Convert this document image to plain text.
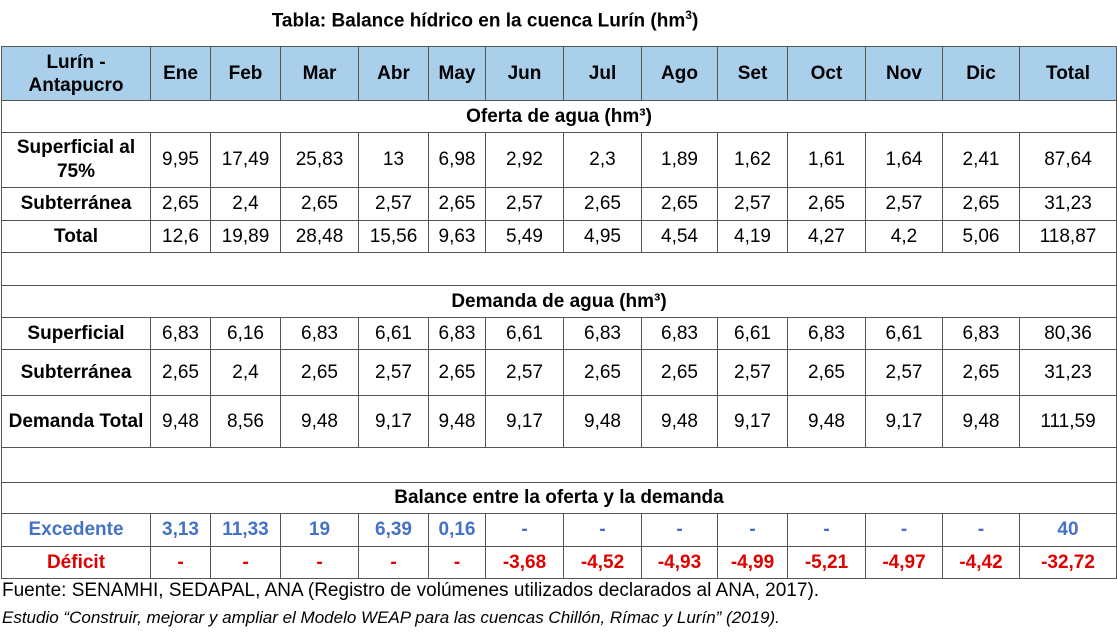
Tabla: Balance hídrico en la cuenca Lurín $(hm^3)$
Lurín - Antapucro	Ene	Feb	Mar	Abr	May	Jun	Jul	Ago	Set	Oct	Nov	Dic	Total
Oferta de agua (hm³)													
Superficial al 75%	9,95	17,49	25,83	13	6,98	2,92	2,3	1,89	1,62	1,61	1,64	2,41	87,64
Subterránea	2,65	2,4	2,65	2,57	2,65	2,57	2,65	2,65	2,57	2,65	2,57	2,65	31,23
Total	12,6	19,89	28,48	15,56	9,63	5,49	4,95	4,54	4,19	4,27	4,2	5,06	118,87

Demanda de agua (hm³)													
Superficial	6,83	6,16	6,83	6,61	6,83	6,61	6,83	6,83	6,61	6,83	6,61	6,83	80,36
Subterránea	2,65	2,4	2,65	2,57	2,65	2,57	2,65	2,65	2,57	2,65	2,57	2,65	31,23
Demanda Total	9,48	8,56	9,48	9,17	9,48	9,17	9,48	9,48	9,17	9,48	9,17	9,48	111,59

Balance entre la oferta y la demanda													
Excedente	3,13	11,33	19	6,39	0,16	-	-	-	-	-	-	-	40
Déficit	-	-	-	-	-	-3,68	-4,52	-4,93	-4,99	-5,21	-4,97	-4,42	-32,72
Fuente: SENAMHI, SEDAPAL, ANA (Registro de volúmenes utilizados declarados al ANA, 2017).
Estudio “Construir, mejorar y ampliar el Modelo WEAP para las cuencas Chillón, Rímac y Lurín” (2019).
